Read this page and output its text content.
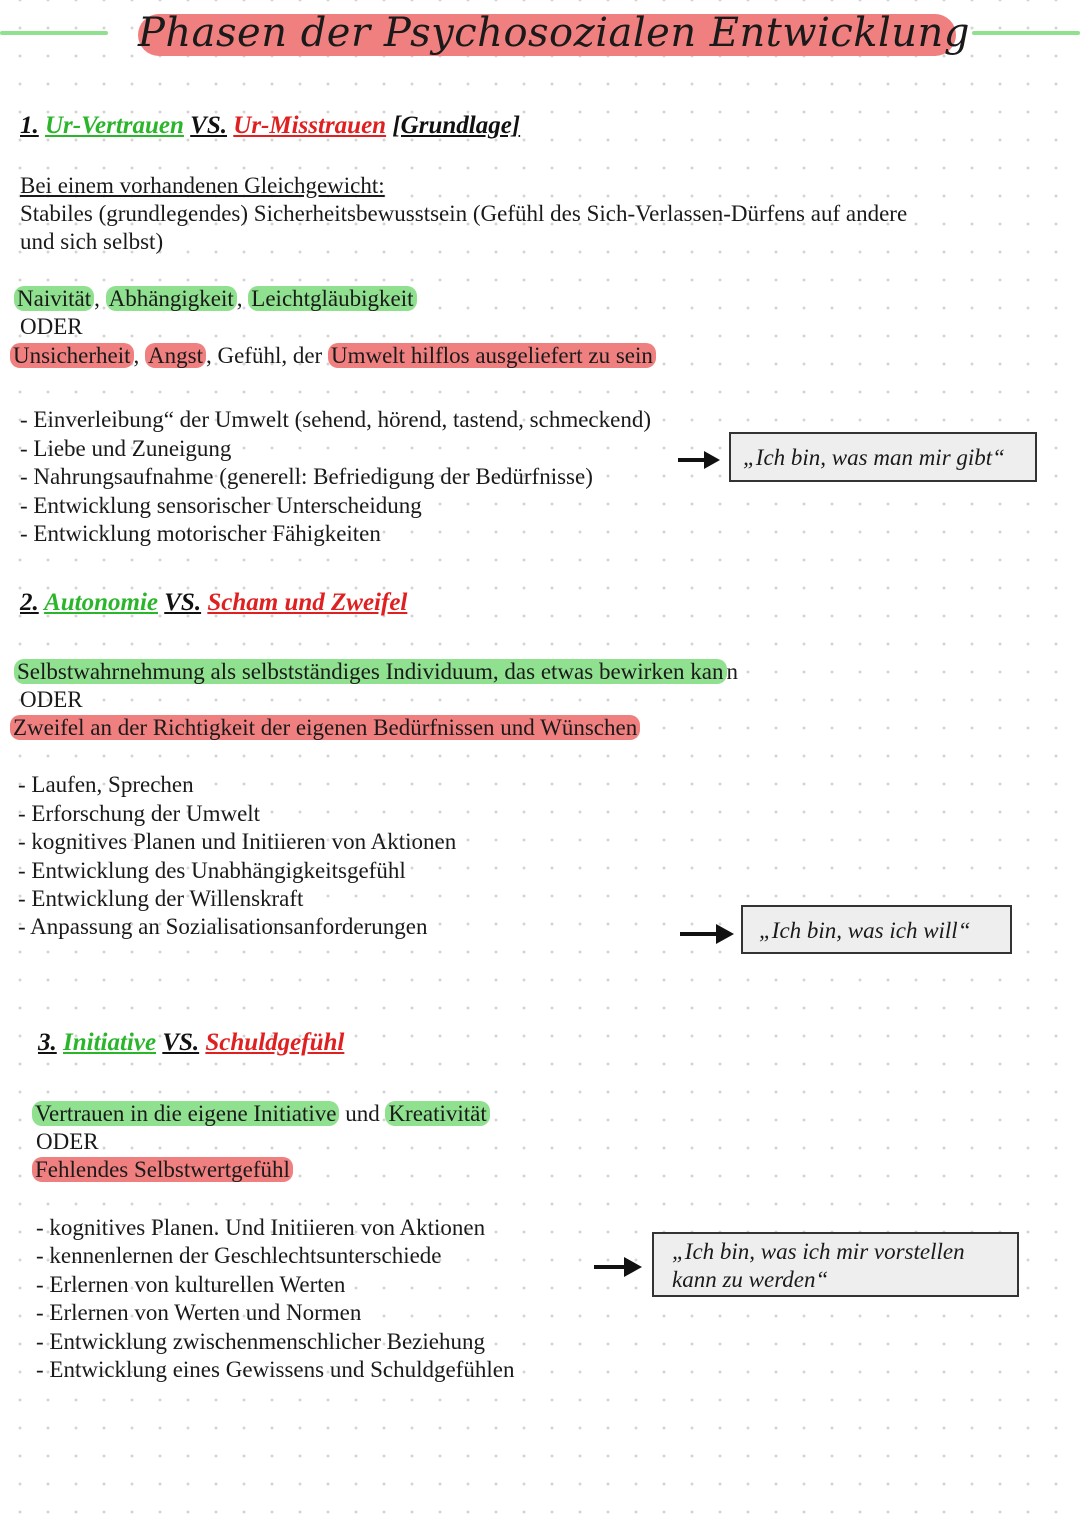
Phasen der Psychosozialen Entwicklung
1. Ur-Vertrauen VS. Ur-Misstrauen [Grundlage]
Bei einem vorhandenen Gleichgewicht:
Stabiles (grundlegendes) Sicherheitsbewusstsein (Gefühl des Sich-Verlassen-Dürfens auf andere
und sich selbst)
Naivität , Abhängigkeit , Leichtgläubigkeit
ODER
Unsicherheit , Angst , Gefühl, der Umwelt hilflos ausgeliefert zu sein
- Einverleibung“ der Umwelt (sehend, hörend, tastend, schmeckend)
- Liebe und Zuneigung
- Nahrungsaufnahme (generell: Befriedigung der Bedürfnisse)
- Entwicklung sensorischer Unterscheidung
- Entwicklung motorischer Fähigkeiten
„Ich bin, was man mir gibt“
2. Autonomie VS. Scham und Zweifel
Selbstwahrnehmung als selbstständiges Individuum, das etwas bewirken kan n
ODER
Zweifel an der Richtigkeit der eigenen Bedürfnissen und Wünschen
- Laufen, Sprechen
- Erforschung der Umwelt
- kognitives Planen und Initiieren von Aktionen
- Entwicklung des Unabhängigkeitsgefühl
- Entwicklung der Willenskraft
- Anpassung an Sozialisationsanforderungen	„Ich bin, was ich will“
3. Initiative VS. Schuldgefühl
Vertrauen in die eigene Initiative und Kreativität
ODER
Fehlendes Selbstwertgefühl
- kognitives Planen. Und Initiieren von Aktionen
- kennenlernen der Geschlechtsunterschiede
- Erlernen von kulturellen Werten
- Erlernen von Werten und Normen
- Entwicklung zwischenmenschlicher Beziehung
- Entwicklung eines Gewissens und Schuldgefühlen
„Ich bin, was ich mir vorstellen
kann zu werden“
